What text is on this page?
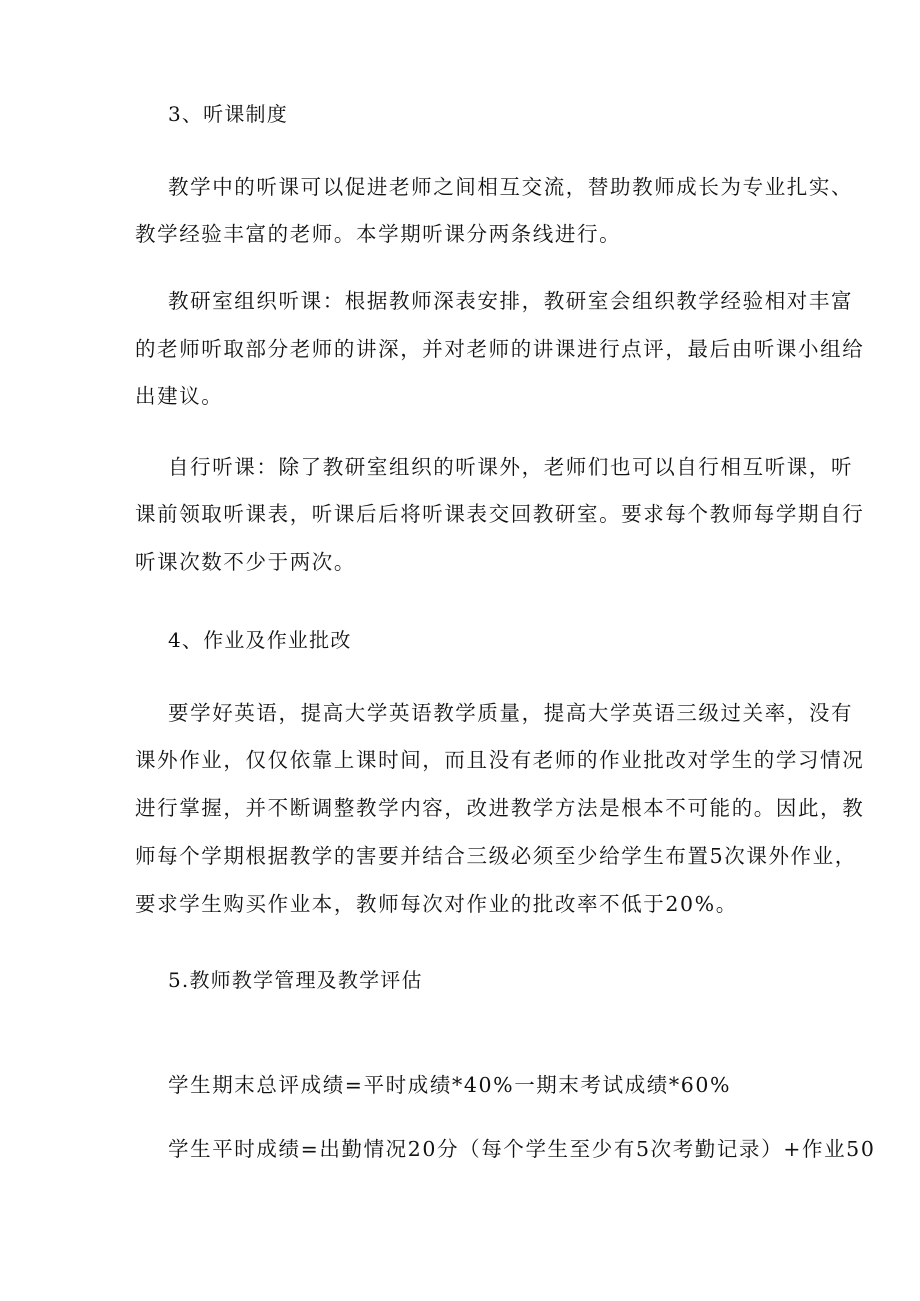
3、听课制度
教学中的听课可以促进老师之间相互交流，替助教师成长为专业扎实、
教学经验丰富的老师。本学期听课分两条线进行。
教研室组织听课：根据教师深表安排，教研室会组织教学经验相对丰富
的老师听取部分老师的讲深，并对老师的讲课进行点评，最后由听课小组给
出建议。
自行听课：除了教研室组织的听课外，老师们也可以自行相互听课，听
课前领取听课表，听课后后将听课表交回教研室。要求每个教师每学期自行
听课次数不少于两次。
4、作业及作业批改
要学好英语，提高大学英语教学质量，提高大学英语三级过关率，没有
课外作业，仅仅依靠上课时间，而且没有老师的作业批改对学生的学习情况
进行掌握，并不断调整教学内容，改进教学方法是根本不可能的。因此，教
师每个学期根据教学的害要并结合三级必须至少给学生布置5次课外作业，
要求学生购买作业本，教师每次对作业的批改率不低于20%。
5.教师教学管理及教学评估
学生期末总评成绩=平时成绩*40%一期末考试成绩*60%
学生平时成绩=出勤情况20分（每个学生至少有5次考勤记录）+作业50
